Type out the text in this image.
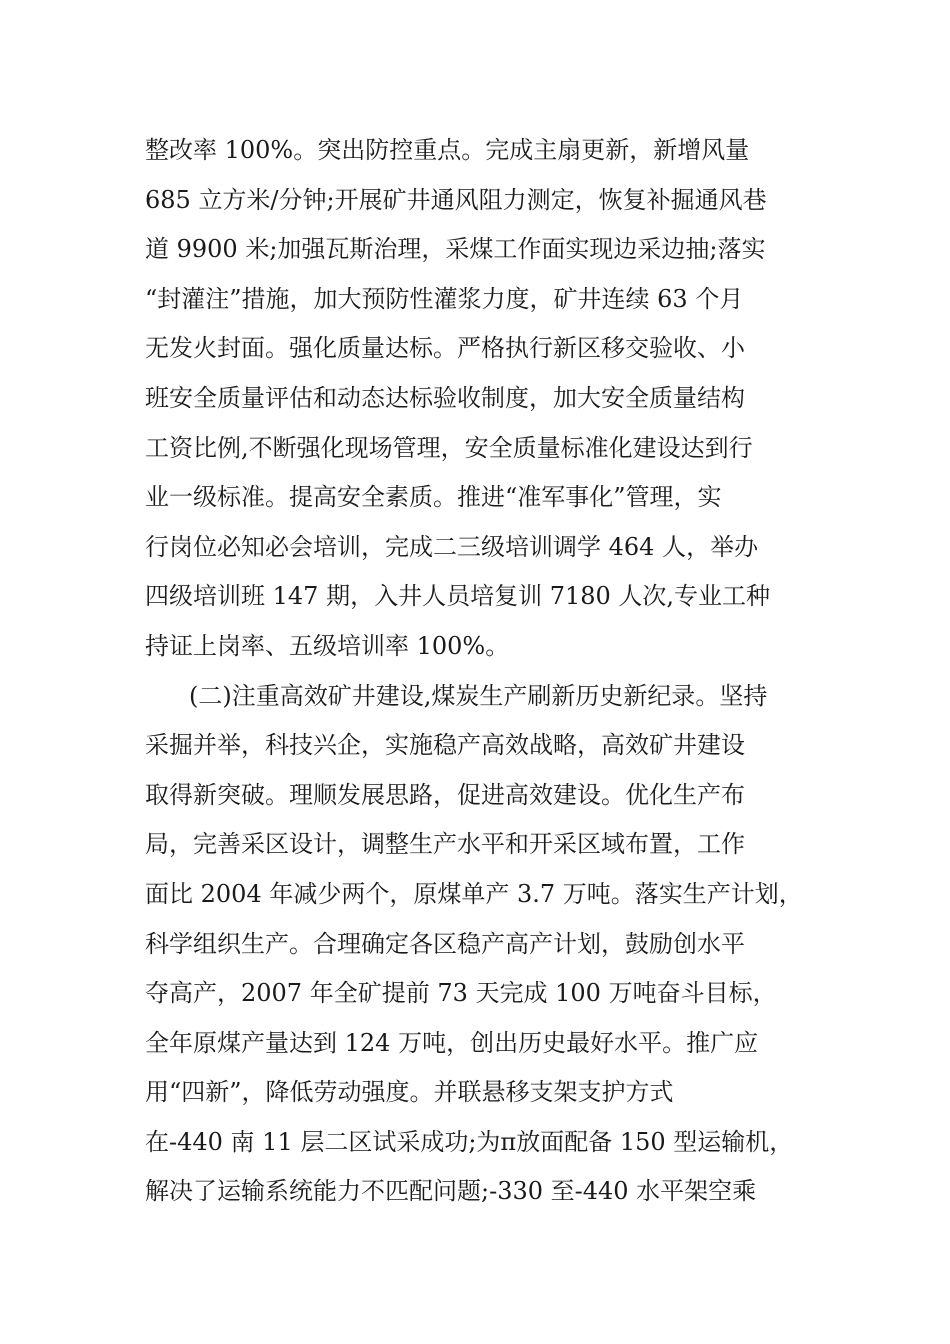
整改率 100%。突出防控重点。完成主扇更新，新增风量
685 立方米/分钟;开展矿井通风阻力测定，恢复补掘通风巷
道 9900 米;加强瓦斯治理，采煤工作面实现边采边抽;落实
“封灌注”措施，加大预防性灌浆力度，矿井连续 63 个月
无发火封面。强化质量达标。严格执行新区移交验收、小
班安全质量评估和动态达标验收制度，加大安全质量结构
工资比例,不断强化现场管理，安全质量标准化建设达到行
业一级标准。提高安全素质。推进“准军事化”管理，实
行岗位必知必会培训，完成二三级培训调学 464 人，举办
四级培训班 147 期，入井人员培复训 7180 人次,专业工种
持证上岗率、五级培训率 100%。
(二)注重高效矿井建设,煤炭生产刷新历史新纪录。坚持
采掘并举，科技兴企，实施稳产高效战略，高效矿井建设
取得新突破。理顺发展思路，促进高效建设。优化生产布
局，完善采区设计，调整生产水平和开采区域布置，工作
面比 2004 年减少两个，原煤单产 3.7 万吨。落实生产计划，
科学组织生产。合理确定各区稳产高产计划，鼓励创水平
夺高产，2007 年全矿提前 73 天完成 100 万吨奋斗目标，
全年原煤产量达到 124 万吨，创出历史最好水平。推广应
用“四新”，降低劳动强度。并联悬移支架支护方式
在-440 南 11 层二区试采成功;为π放面配备 150 型运输机，
解决了运输系统能力不匹配问题;-330 至-440 水平架空乘
